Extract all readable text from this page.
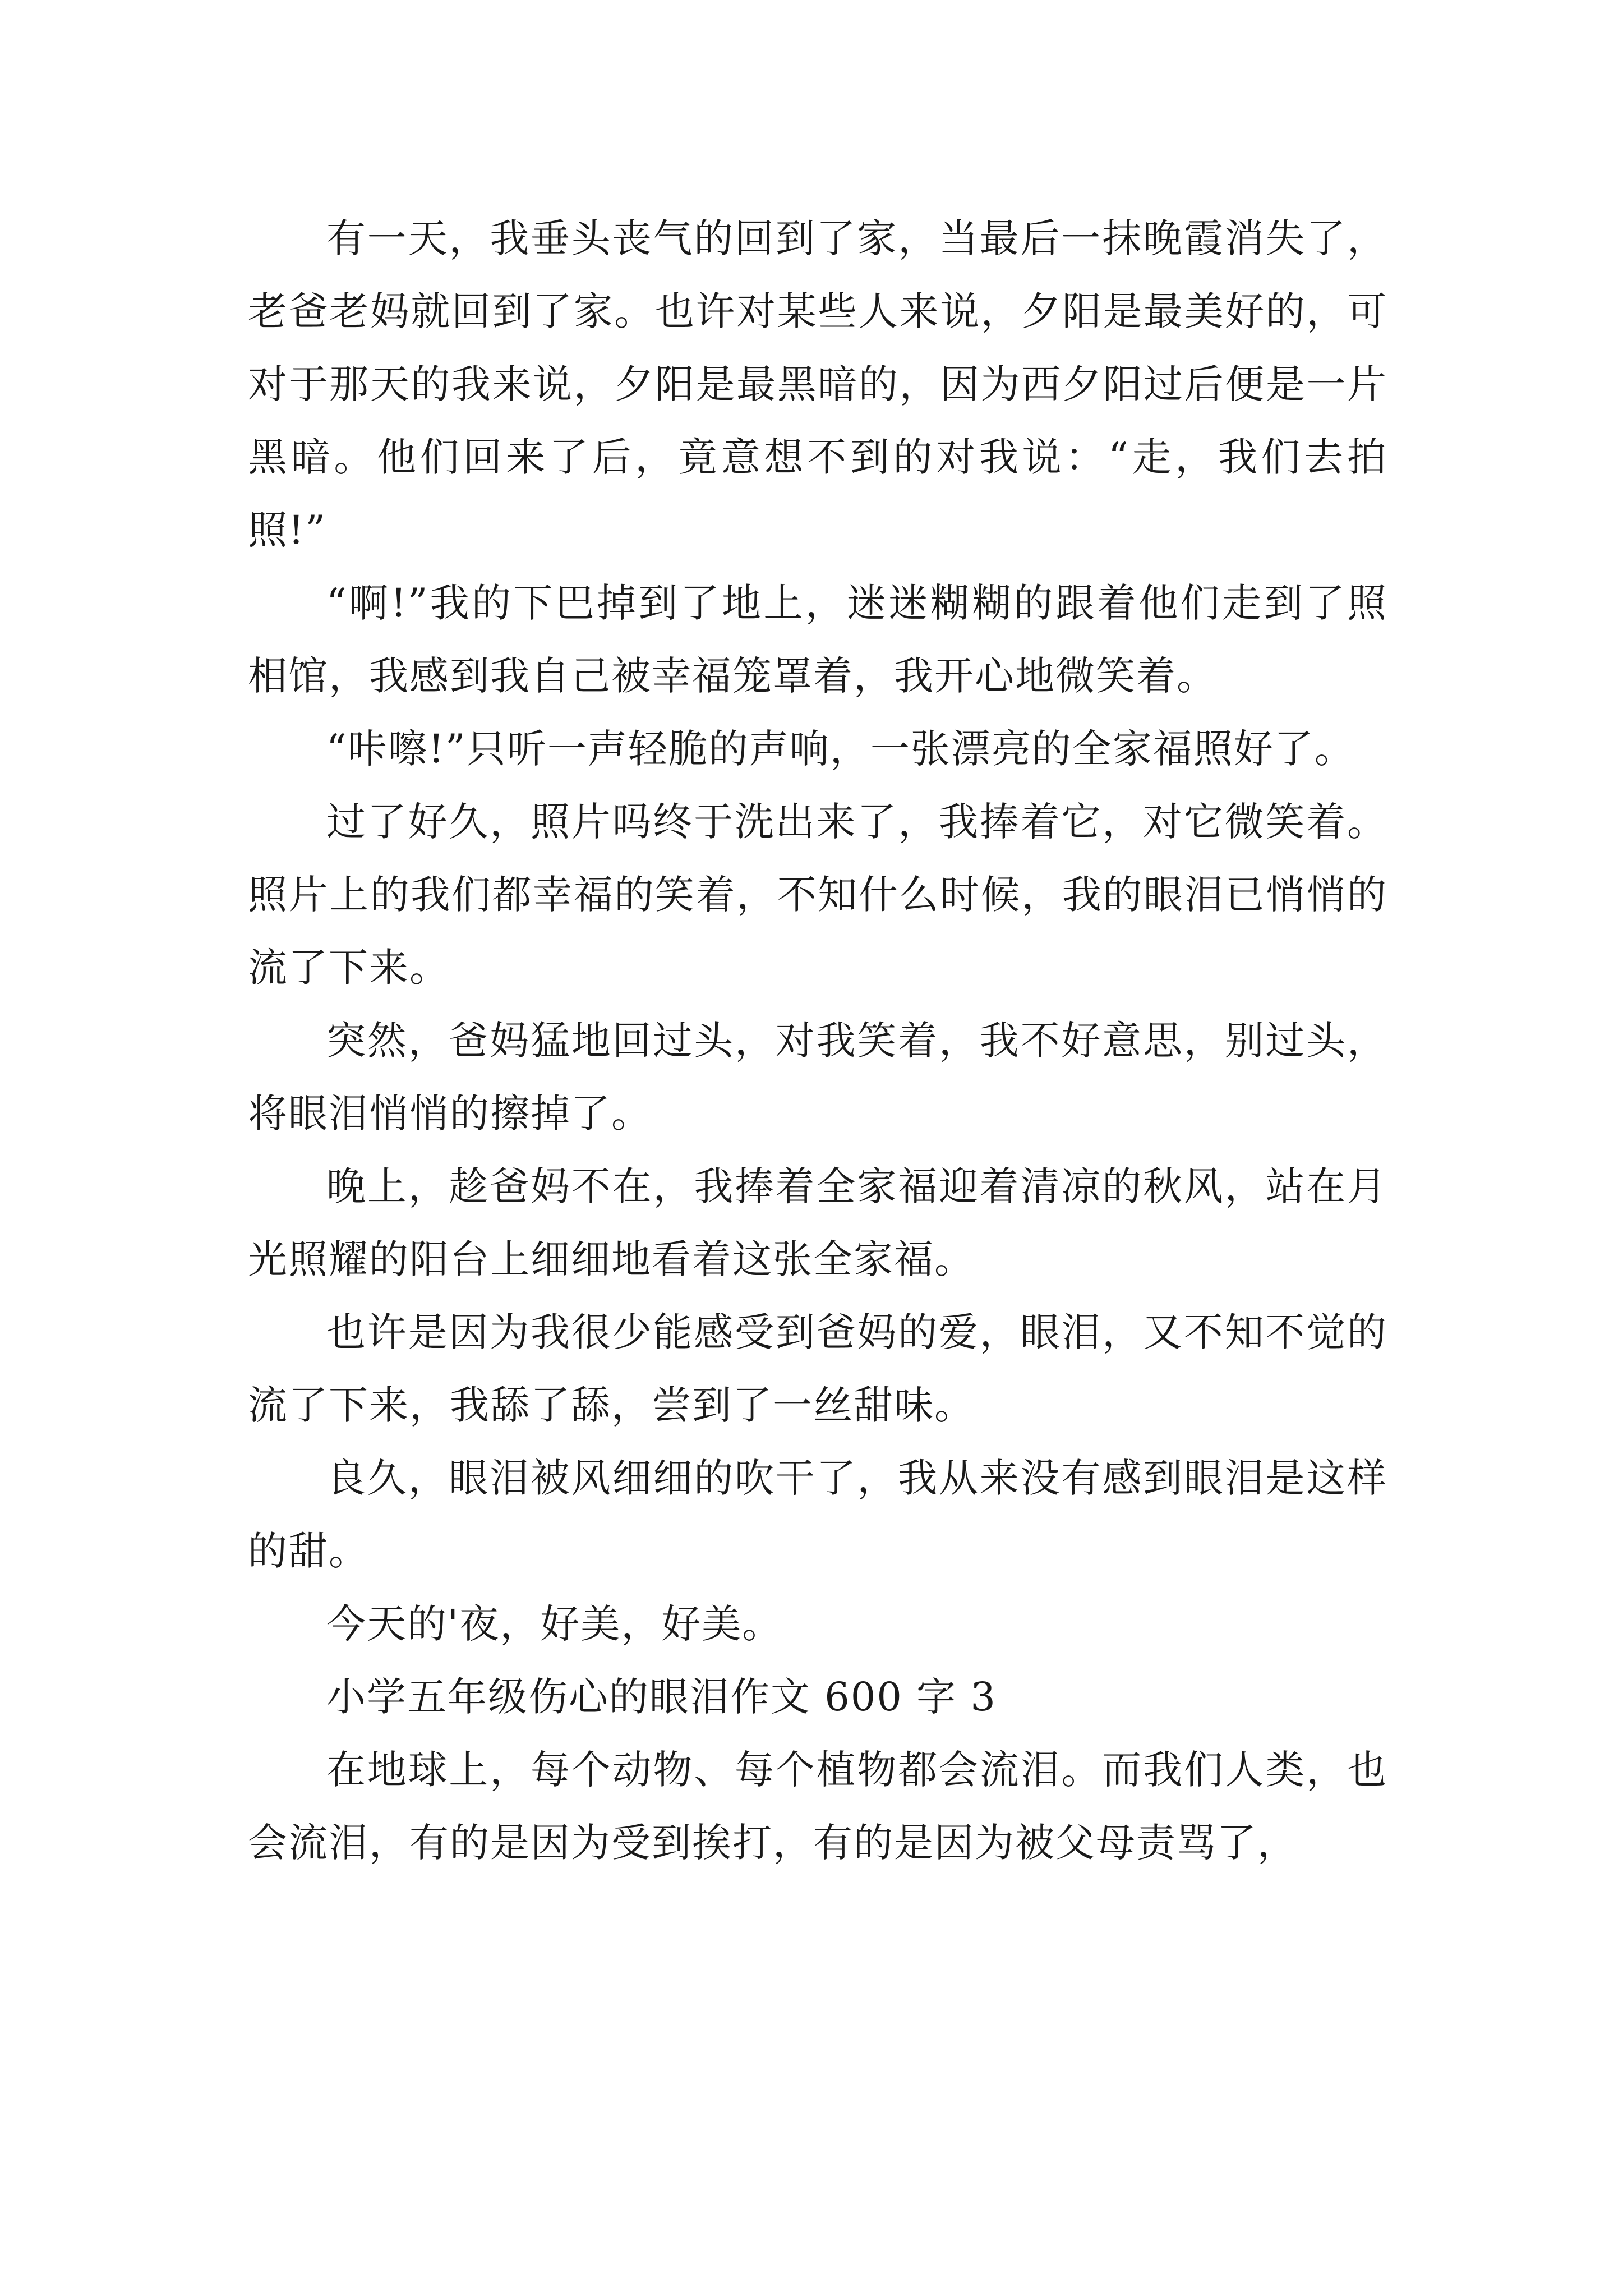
有一天，我垂头丧气的回到了家，当最后一抹晚霞消失了，老爸老妈就回到了家。也许对某些人来说，夕阳是最美好的，可对于那天的我来说，夕阳是最黑暗的，因为西夕阳过后便是一片黑暗。他们回来了后，竟意想不到的对我说：“走，我们去拍照!”

“啊!”我的下巴掉到了地上，迷迷糊糊的跟着他们走到了照相馆，我感到我自己被幸福笼罩着，我开心地微笑着。

“咔嚓!”只听一声轻脆的声响，一张漂亮的全家福照好了。

过了好久，照片吗终于洗出来了，我捧着它，对它微笑着。照片上的我们都幸福的笑着，不知什么时候，我的眼泪已悄悄的流了下来。

突然，爸妈猛地回过头，对我笑着，我不好意思，别过头，将眼泪悄悄的擦掉了。

晚上，趁爸妈不在，我捧着全家福迎着清凉的秋风，站在月光照耀的阳台上细细地看着这张全家福。

也许是因为我很少能感受到爸妈的爱，眼泪，又不知不觉的流了下来，我舔了舔，尝到了一丝甜味。

良久，眼泪被风细细的吹干了，我从来没有感到眼泪是这样的甜。

今天的'夜，好美，好美。

小学五年级伤心的眼泪作文 600 字 3

在地球上，每个动物、每个植物都会流泪。而我们人类，也会流泪，有的是因为受到挨打，有的是因为被父母责骂了，
